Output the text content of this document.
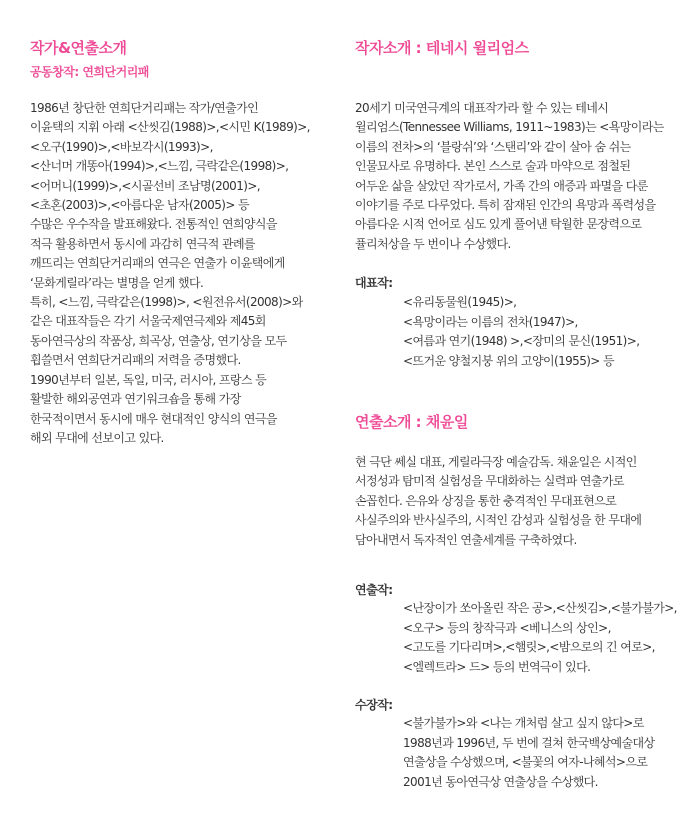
작가&연출소개
공동창작: 연희단거리패
1986년 창단한 연희단거리패는 작가/연출가인
이윤택의 지휘 아래 <산씻김(1988)>,<시민 K(1989)>,
<오구(1990)>,<바보각시(1993)>,
<산너머 개똥아(1994)>,<느낌, 극락같은(1998)>,
<어머니(1999)>,<시골선비 조남명(2001)>,
<초혼(2003)>,<아름다운 남자(2005)> 등
수많은 우수작을 발표해왔다. 전통적인 연희양식을
적극 활용하면서 동시에 과감히 연극적 관례를
깨뜨리는 연희단거리패의 연극은 연출가 이윤택에게
‘문화게릴라’라는 별명을 얻게 했다.
특히, <느낌, 극락같은(1998)>, <원전유서(2008)>와
같은 대표작들은 각기 서울국제연극제와 제45회
동아연극상의 작품상, 희곡상, 연출상, 연기상을 모두
휩쓸면서 연희단거리패의 저력을 증명했다.
1990년부터 일본, 독일, 미국, 러시아, 프랑스 등
활발한 해외공연과 연기워크숍을 통해 가장
한국적이면서 동시에 매우 현대적인 양식의 연극을
해외 무대에 선보이고 있다.
작자소개 : 테네시 윌리엄스
20세기 미국연극계의 대표작가라 할 수 있는 테네시
윌리엄스(Tennessee Williams, 1911~1983)는 <욕망이라는
이름의 전차>의 ‘블랑쉬’와 ‘스탠리’와 같이 살아 숨 쉬는
인물묘사로 유명하다. 본인 스스로 술과 마약으로 점철된
어두운 삶을 살았던 작가로서, 가족 간의 애증과 파멸을 다룬
이야기를 주로 다루었다. 특히 잠재된 인간의 욕망과 폭력성을
아름다운 시적 언어로 심도 있게 풀어낸 탁월한 문장력으로
퓰리처상을 두 번이나 수상했다.
대표작:
<유리동물원(1945)>,
<욕망이라는 이름의 전차(1947)>,
<여름과 연기(1948) >,<장미의 문신(1951)>,
<뜨거운 양철지붕 위의 고양이(1955)> 등
연출소개 : 채윤일
현 극단 쎄실 대표, 게릴라극장 예술감독. 채윤일은 시적인
서정성과 탐미적 실험성을 무대화하는 실력파 연출가로
손꼽힌다. 은유와 상징을 통한 충격적인 무대표현으로
사실주의와 반사실주의, 시적인 감성과 실험성을 한 무대에
담아내면서 독자적인 연출세계를 구축하였다.
연출작:
<난장이가 쏘아올린 작은 공>,<산씻김>,<불가불가>,
<오구> 등의 창작극과 <베니스의 상인>,
<고도를 기다리며>,<햄릿>,<밤으로의 긴 여로>,
<엘렉트라> 드> 등의 번역극이 있다.
수장작:
<불가불가>와 <나는 개처럼 살고 싶지 않다>로
1988년과 1996년, 두 번에 걸쳐 한국백상예술대상
연출상을 수상했으며, <불꽃의 여자-나혜석>으로
2001년 동아연극상 연출상을 수상했다.
